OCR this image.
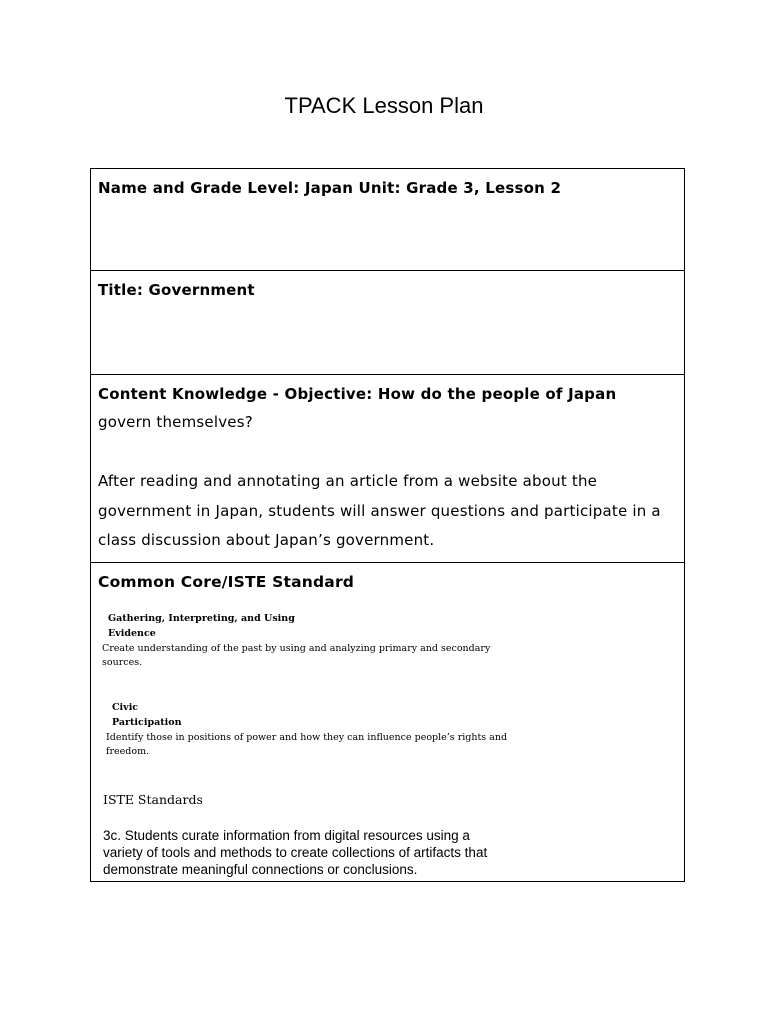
TPACK Lesson Plan
Name and Grade Level: Japan Unit: Grade 3, Lesson 2
Title: Government
Content Knowledge - Objective: How do the people of Japan
govern themselves?
After reading and annotating an article from a website about the government in Japan, students will answer questions and participate in a class discussion about Japan’s government.
Common Core/ISTE Standard
Gathering, Interpreting, and Using
Evidence
Create understanding of the past by using and analyzing primary and secondary
sources.
Civic
Participation
Identify those in positions of power and how they can influence people’s rights and
freedom.
ISTE Standards
3c. Students curate information from digital resources using a variety of tools and methods to create collections of artifacts that demonstrate meaningful connections or conclusions.
